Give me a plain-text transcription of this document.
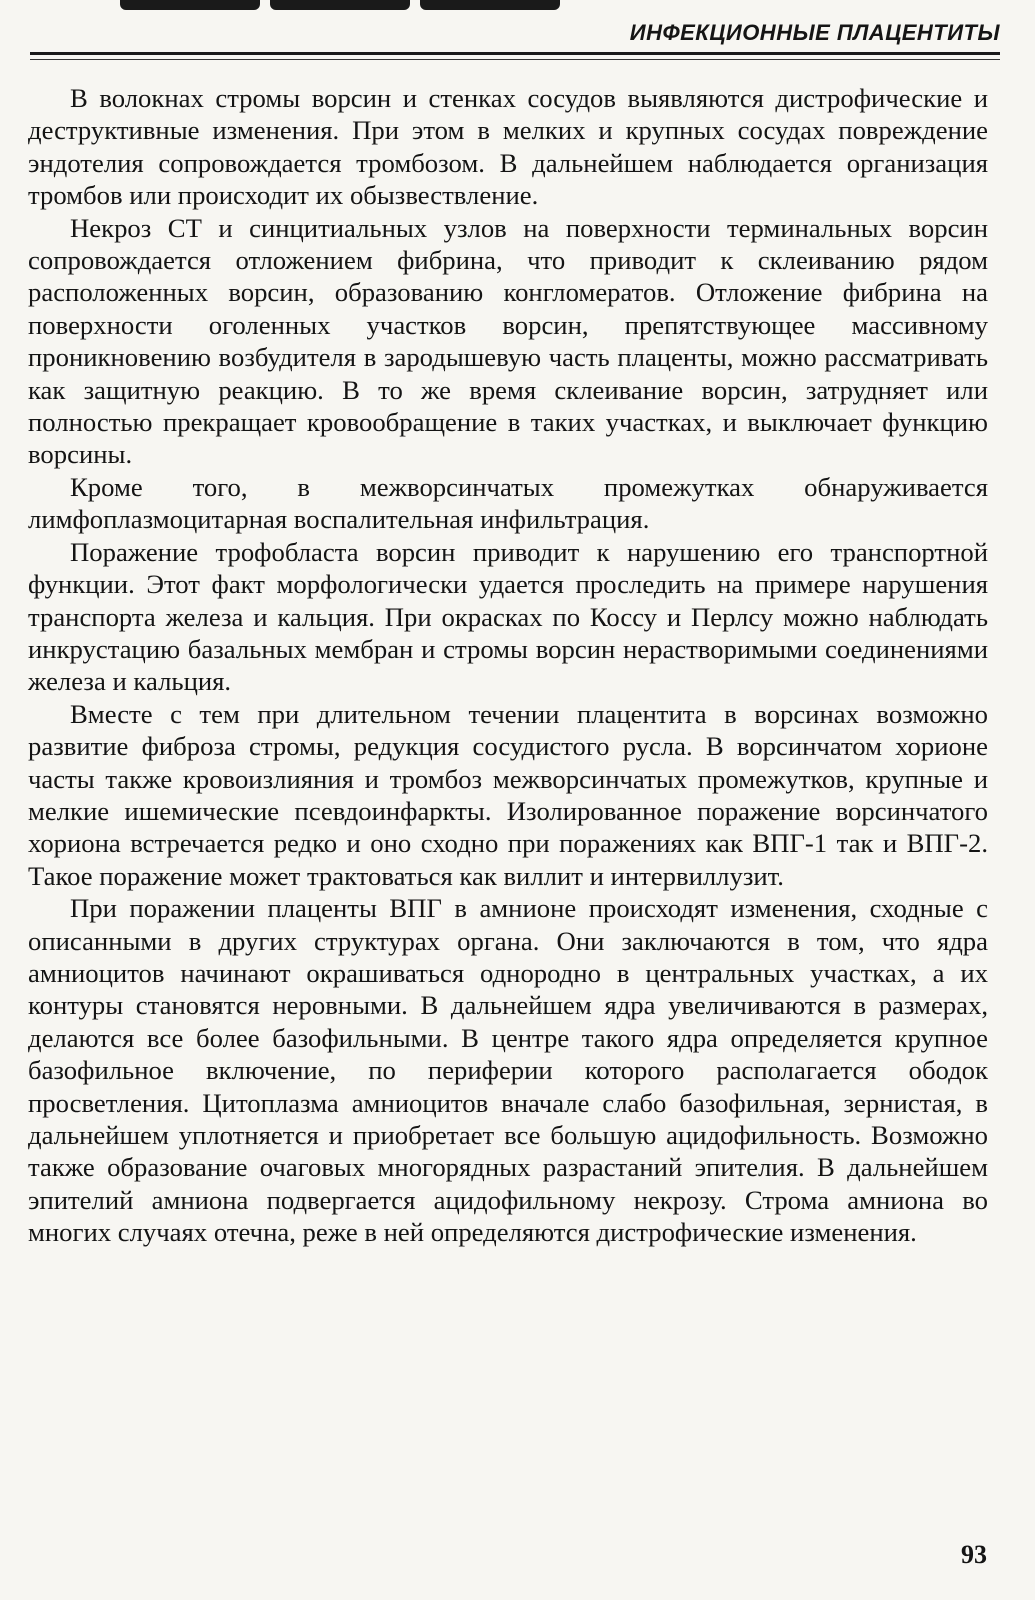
ИНФЕКЦИОННЫЕ ПЛАЦЕНТИТЫ

В волокнах стромы ворсин и стенках сосудов выявляются дистрофические и деструктивные изменения. При этом в мелких и крупных сосудах повреждение эндотелия сопровождается тромбозом. В дальнейшем наблюдается организация тромбов или происходит их обызвествление.

Некроз СТ и синцитиальных узлов на поверхности терминальных ворсин сопровождается отложением фибрина, что приводит к склеиванию рядом расположенных ворсин, образованию конгломератов. Отложение фибрина на поверхности оголенных участков ворсин, препятствующее массивному проникновению возбудителя в зародышевую часть плаценты, можно рассматривать как защитную реакцию. В то же время склеивание ворсин, затрудняет или полностью прекращает кровообращение в таких участках, и выключает функцию ворсины.

Кроме того, в межворсинчатых промежутках обнаруживается лимфоплазмоцитарная воспалительная инфильтрация.

Поражение трофобласта ворсин приводит к нарушению его транспортной функции. Этот факт морфологически удается проследить на примере нарушения транспорта железа и кальция. При окрасках по Коссу и Перлсу можно наблюдать инкрустацию базальных мембран и стромы ворсин нерастворимыми соединениями железа и кальция.

Вместе с тем при длительном течении плацентита в ворсинах возможно развитие фиброза стромы, редукция сосудистого русла. В ворсинчатом хорионе часты также кровоизлияния и тромбоз межворсинчатых промежутков, крупные и мелкие ишемические псевдоинфаркты. Изолированное поражение ворсинчатого хориона встречается редко и оно сходно при поражениях как ВПГ-1 так и ВПГ-2. Такое поражение может трактоваться как виллит и интервиллузит.

При поражении плаценты ВПГ в амнионе происходят изменения, сходные с описанными в других структурах органа. Они заключаются в том, что ядра амниоцитов начинают окрашиваться однородно в центральных участках, а их контуры становятся неровными. В дальнейшем ядра увеличиваются в размерах, делаются все более базофильными. В центре такого ядра определяется крупное базофильное включение, по периферии которого располагается ободок просветления. Цитоплазма амниоцитов вначале слабо базофильная, зернистая, в дальнейшем уплотняется и приобретает все большую ацидофильность. Возможно также образование очаговых многорядных разрастаний эпителия. В дальнейшем эпителий амниона подвергается ацидофильному некрозу. Строма амниона во многих случаях отечна, реже в ней определяются дистрофические изменения.

93
